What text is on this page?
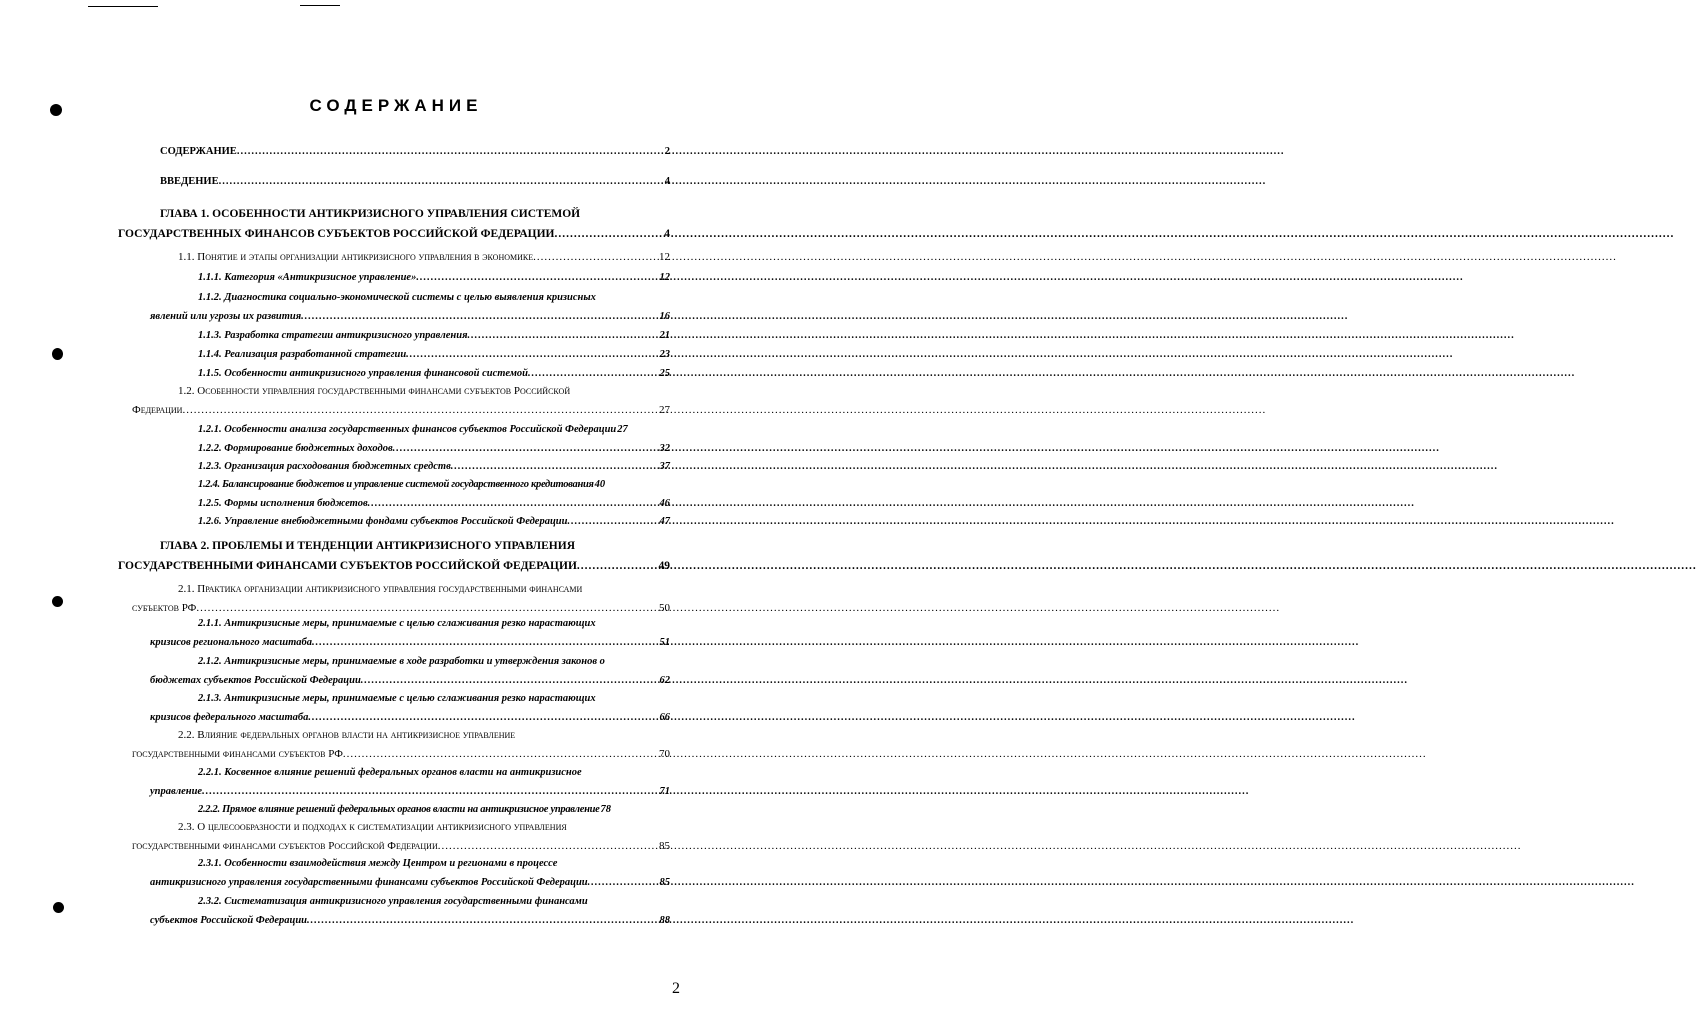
СОДЕРЖАНИЕ
СОДЕРЖАНИЕ .....	2
ВВЕДЕНИЕ .....	4
ГЛАВА 1. ОСОБЕННОСТИ АНТИКРИЗИСНОГО УПРАВЛЕНИЯ СИСТЕМОЙ
ГОСУДАРСТВЕННЫХ ФИНАНСОВ СУБЪЕКТОВ РОССИЙСКОЙ ФЕДЕРАЦИИ .....	4
1.1. Понятие и этапы организации антикризисного управления в экономике .....	12
1.1.1. Категория «Антикризисное управление» .....	12
1.1.2. Диагностика социально-экономической системы с целью выявления кризисных
явлений или угрозы их развития .....	16
1.1.3. Разработка стратегии антикризисного управления .....	21
1.1.4. Реализация разработанной стратегии .....	23
1.1.5. Особенности антикризисного управления финансовой системой .....	25
1.2. Особенности управления государственными финансами субъектов Российской
Федерации .....	27
1.2.1. Особенности анализа государственных финансов субъектов Российской Федерации 27
1.2.2. Формирование бюджетных доходов .....	32
1.2.3. Организация расходования бюджетных средств .....	37
1.2.4. Балансирование бюджетов и управление системой государственного кредитования 40
1.2.5. Формы исполнения бюджетов .....	46
1.2.6. Управление внебюджетными фондами субъектов Российской Федерации .....	47
ГЛАВА 2. ПРОБЛЕМЫ И ТЕНДЕНЦИИ АНТИКРИЗИСНОГО УПРАВЛЕНИЯ
ГОСУДАРСТВЕННЫМИ ФИНАНСАМИ СУБЪЕКТОВ РОССИЙСКОЙ ФЕДЕРАЦИИ .....	49
2.1. Практика организации антикризисного управления государственными финансами
субъектов РФ .....	50
2.1.1. Антикризисные меры, принимаемые с целью сглаживания резко нарастающих
кризисов регионального масштаба .....	51
2.1.2. Антикризисные меры, принимаемые в ходе разработки и утверждения законов о
бюджетах субъектов Российской Федерации .....	62
2.1.3. Антикризисные меры, принимаемые с целью сглаживания резко нарастающих
кризисов федерального масштаба .....	66
2.2. Влияние федеральных органов власти на антикризисное управление
государственными финансами субъектов РФ .....	70
2.2.1. Косвенное влияние решений федеральных органов власти на антикризисное
управление .....	71
2.2.2. Прямое влияние решений федеральных органов власти на антикризисное управление 78
2.3. О целесообразности и подходах к систематизации антикризисного управления
государственными финансами субъектов Российской Федерации .....	85
2.3.1. Особенности взаимодействия между Центром и регионами в процессе
антикризисного управления государственными финансами субъектов Российской Федерации .....	85
2.3.2. Систематизация антикризисного управления государственными финансами
субъектов Российской Федерации .....	88
2
